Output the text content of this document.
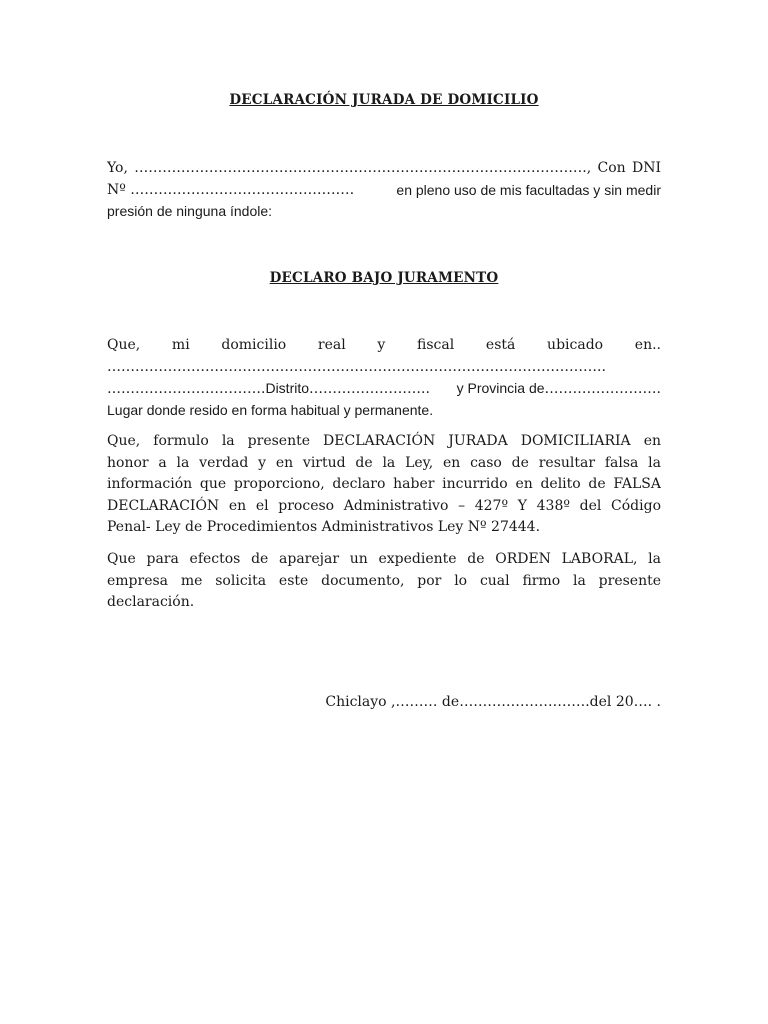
DECLARACIÓN JURADA DE DOMICILIO
Yo, ……………………………………………………………………………………., Con DNI
Nº …………………………………………	en pleno uso de mis facultadas y sin medir
presión de ninguna índole:
DECLARO BAJO JURAMENTO
Que, mi domicilio real y fiscal está ubicado en..
……………………………………………………………………………………………..
…………………………….Distrito…………………….. y Provincia de…………………….
Lugar donde resido en forma habitual y permanente.
Que, formulo la presente DECLARACIÓN JURADA DOMICILIARIA en
honor a la verdad y en virtud de la Ley, en caso de resultar falsa la
información que proporciono, declaro haber incurrido en delito de FALSA
DECLARACIÓN en el proceso Administrativo – 427º Y 438º del Código
Penal- Ley de Procedimientos Administrativos Ley Nº 27444.
Que para efectos de aparejar un expediente de ORDEN LABORAL, la
empresa me solicita este documento, por lo cual firmo la presente
declaración.
Chiclayo ,……… de……………………….del 20…. .
